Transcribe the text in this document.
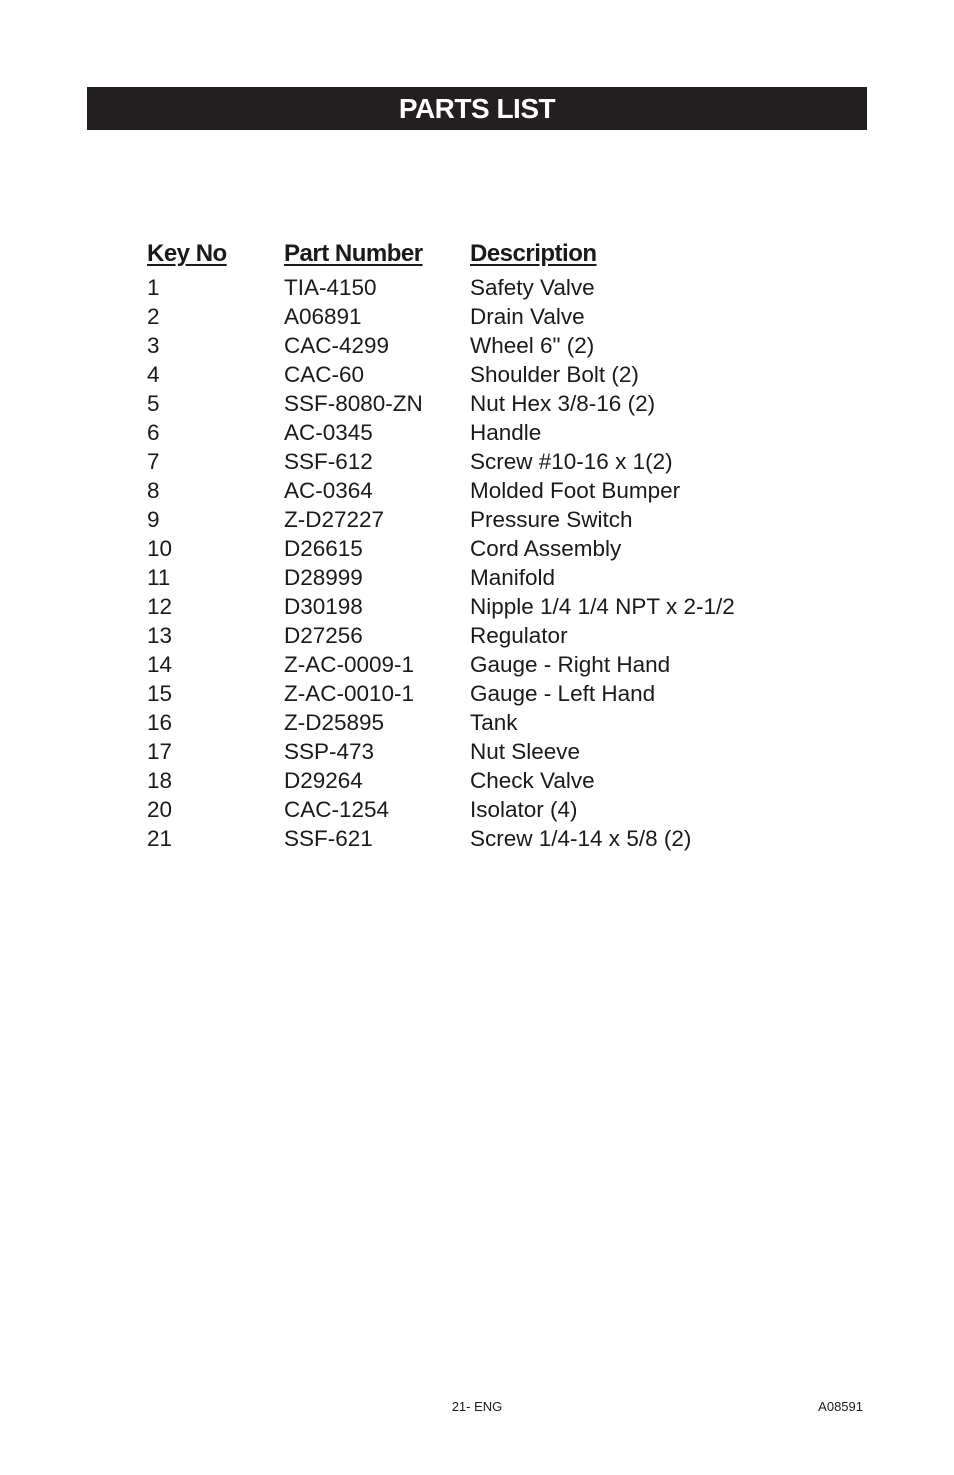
PARTS LIST
Key No	Part Number	Description
1	TIA-4150	Safety Valve
2	A06891	Drain Valve
3	CAC-4299	Wheel 6" (2)
4	CAC-60	Shoulder Bolt (2)
5	SSF-8080-ZN	Nut Hex 3/8-16 (2)
6	AC-0345	Handle
7	SSF-612	Screw #10-16 x 1(2)
8	AC-0364	Molded Foot Bumper
9	Z-D27227	Pressure Switch
10	D26615	Cord Assembly
11	D28999	Manifold
12	D30198	Nipple 1/4 1/4 NPT x 2-1/2
13	D27256	Regulator
14	Z-AC-0009-1	Gauge - Right Hand
15	Z-AC-0010-1	Gauge - Left Hand
16	Z-D25895	Tank
17	SSP-473	Nut Sleeve
18	D29264	Check Valve
20	CAC-1254	Isolator (4)
21	SSF-621	Screw 1/4-14 x 5/8 (2)
21- ENG	A08591
